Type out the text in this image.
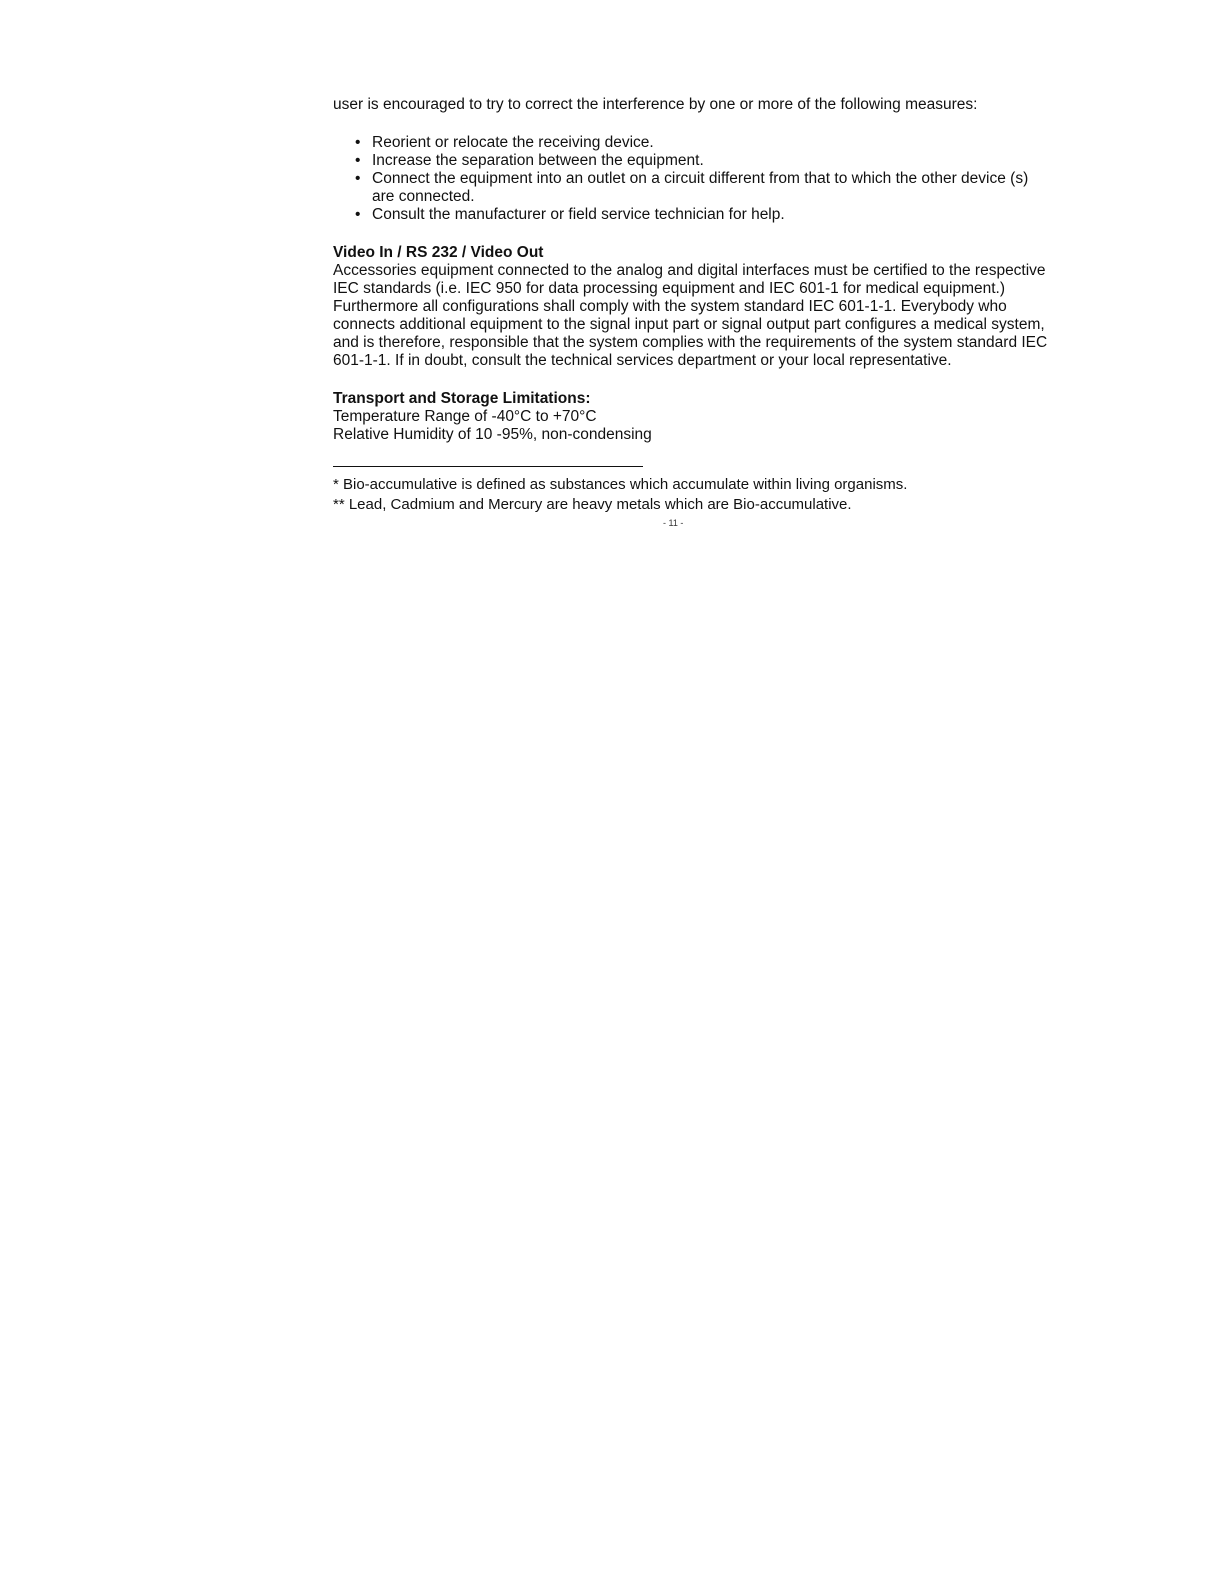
user is encouraged to try to correct the interference by one or more of the following measures:

• Reorient or relocate the receiving device.
• Increase the separation between the equipment.
• Connect the equipment into an outlet on a circuit different from that to which the other device (s) are connected.
• Consult the manufacturer or field service technician for help.

Video In / RS 232 / Video Out

Accessories equipment connected to the analog and digital interfaces must be certified to the respective IEC standards (i.e. IEC 950 for data processing equipment and IEC 601-1 for medical equipment.) Furthermore all configurations shall comply with the system standard IEC 601-1-1. Everybody who connects additional equipment to the signal input part or signal output part configures a medical system, and is therefore, responsible that the system complies with the requirements of the system standard IEC 601-1-1. If in doubt, consult the technical services department or your local representative.

Transport and Storage Limitations:

Temperature Range of -40°C to +70°C

Relative Humidity of 10 -95%, non-condensing

* Bio-accumulative is defined as substances which accumulate within living organisms.

** Lead, Cadmium and Mercury are heavy metals which are Bio-accumulative.

- 11 -
